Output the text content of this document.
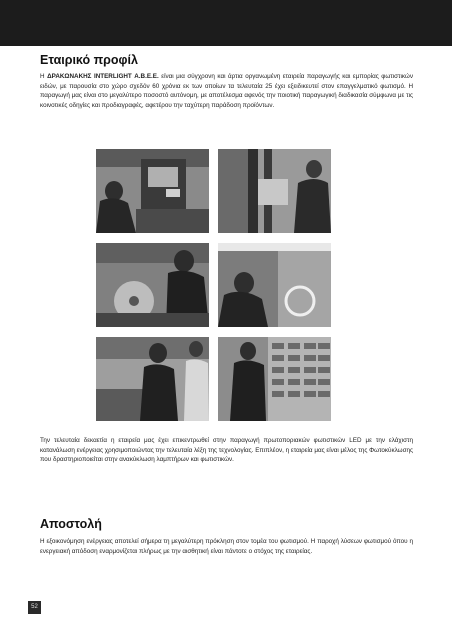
Εταιρικό προφίλ
Η ΔΡΑΚΩΝΑΚΗΣ INTERLIGHT Α.Β.Ε.Ε. είναι μια σύγχρονη και άρτια οργανωμένη εταιρεία παραγωγής και εμπορίας φωτιστικών ειδών, με παρουσία στο χώρο σχεδόν 60 χρόνια εκ των οποίων τα τελευταία 25 έχει εξειδικευτεί στον επαγγελματικό φωτισμό. Η παραγωγή μας είναι στο μεγαλύτερο ποσοστό αυτόνομη, με αποτέλεσμα αφενός την ποιοτική παραγωγική διαδικασία σύμφωνα με τις κοινοτικές οδηγίες και προδιαγραφές, αφετέρου την ταχύτερη παράδοση προϊόντων.
Την τελευταία δεκαετία η εταιρεία μας έχει επικεντρωθεί στην παραγωγή πρωτοποριακών φωτιστικών LED με την ελάχιστη κατανάλωση ενέργειας χρησιμοποιώντας την τελευταία λέξη της τεχνολογίας. Επιπλέον, η εταιρεία μας είναι μέλος της Φωτοκύκλωσης που δραστηριοποιείται στην ανακύκλωση λαμπτήρων και φωτιστικών.
Αποστολή
Η εξοικονόμηση ενέργειας αποτελεί σήμερα τη μεγαλύτερη πρόκληση στον τομέα του φωτισμού. Η παροχή λύσεων φωτισμού όπου η ενεργειακή απόδοση εναρμονίζεται πλήρως με την αισθητική είναι πάντοτε ο στόχος της εταιρείας.
52
